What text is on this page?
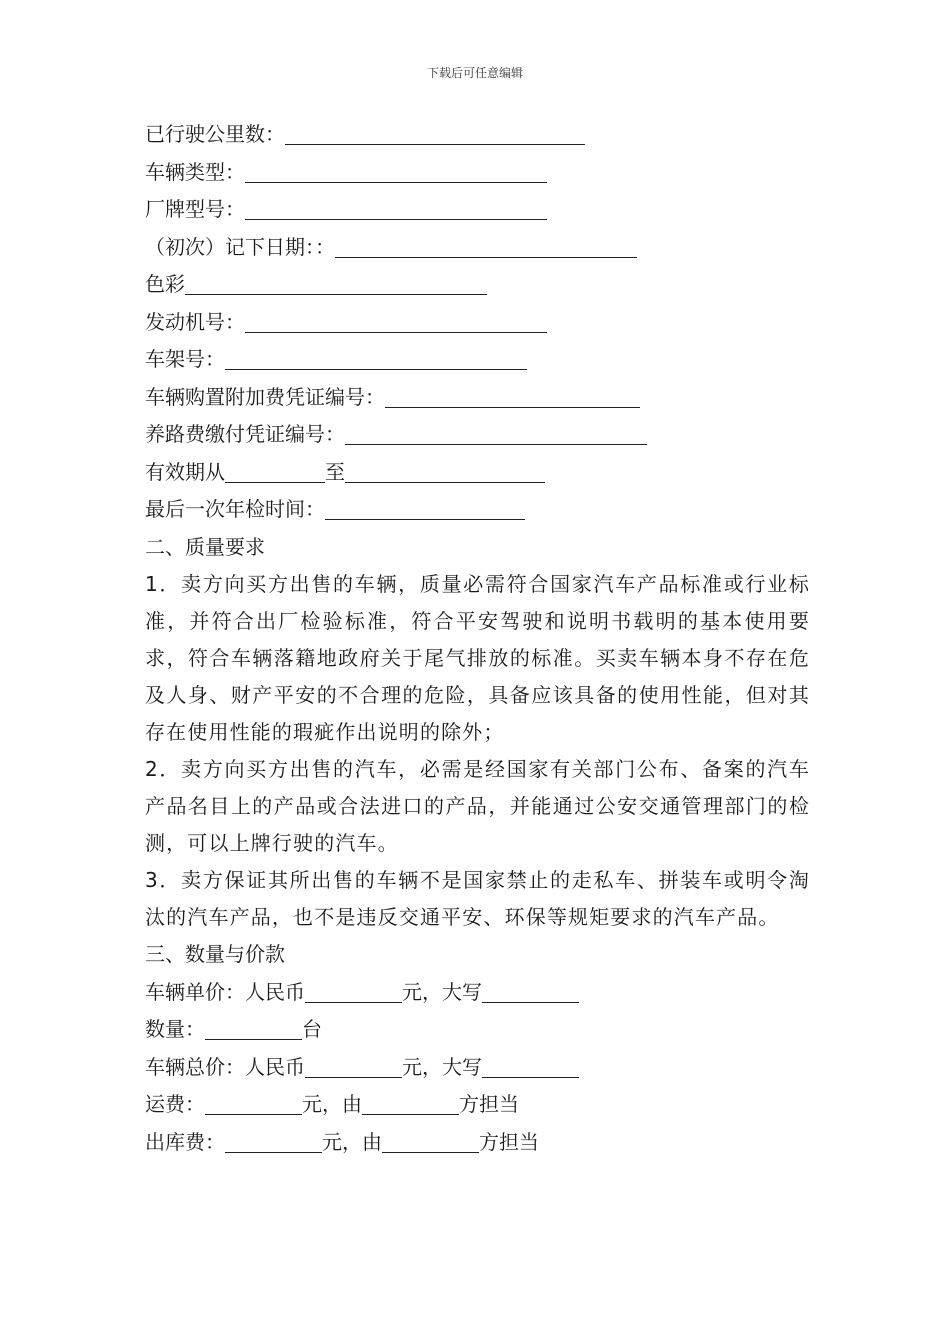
下载后可任意编辑
已行驶公里数：
车辆类型：
厂牌型号：
（初次）记下日期：：
色彩
发动机号：
车架号：
车辆购置附加费凭证编号：
养路费缴付凭证编号：
有效期从	至
最后一次年检时间：
二、质量要求
1．卖方向买方出售的车辆，质量必需符合国家汽车产品标准或行业标准，并符合出厂检验标准，符合平安驾驶和说明书载明的基本使用要求，符合车辆落籍地政府关于尾气排放的标准。买卖车辆本身不存在危及人身、财产平安的不合理的危险，具备应该具备的使用性能，但对其存在使用性能的瑕疵作出说明的除外；
2．卖方向买方出售的汽车，必需是经国家有关部门公布、备案的汽车产品名目上的产品或合法进口的产品，并能通过公安交通管理部门的检测，可以上牌行驶的汽车。
3．卖方保证其所出售的车辆不是国家禁止的走私车、拼装车或明令淘汰的汽车产品，也不是违反交通平安、环保等规矩要求的汽车产品。
三、数量与价款
车辆单价：人民币	元，大写
数量：	台
车辆总价：人民币	元，大写
运费：	元，由	方担当
出库费：	元，由	方担当
